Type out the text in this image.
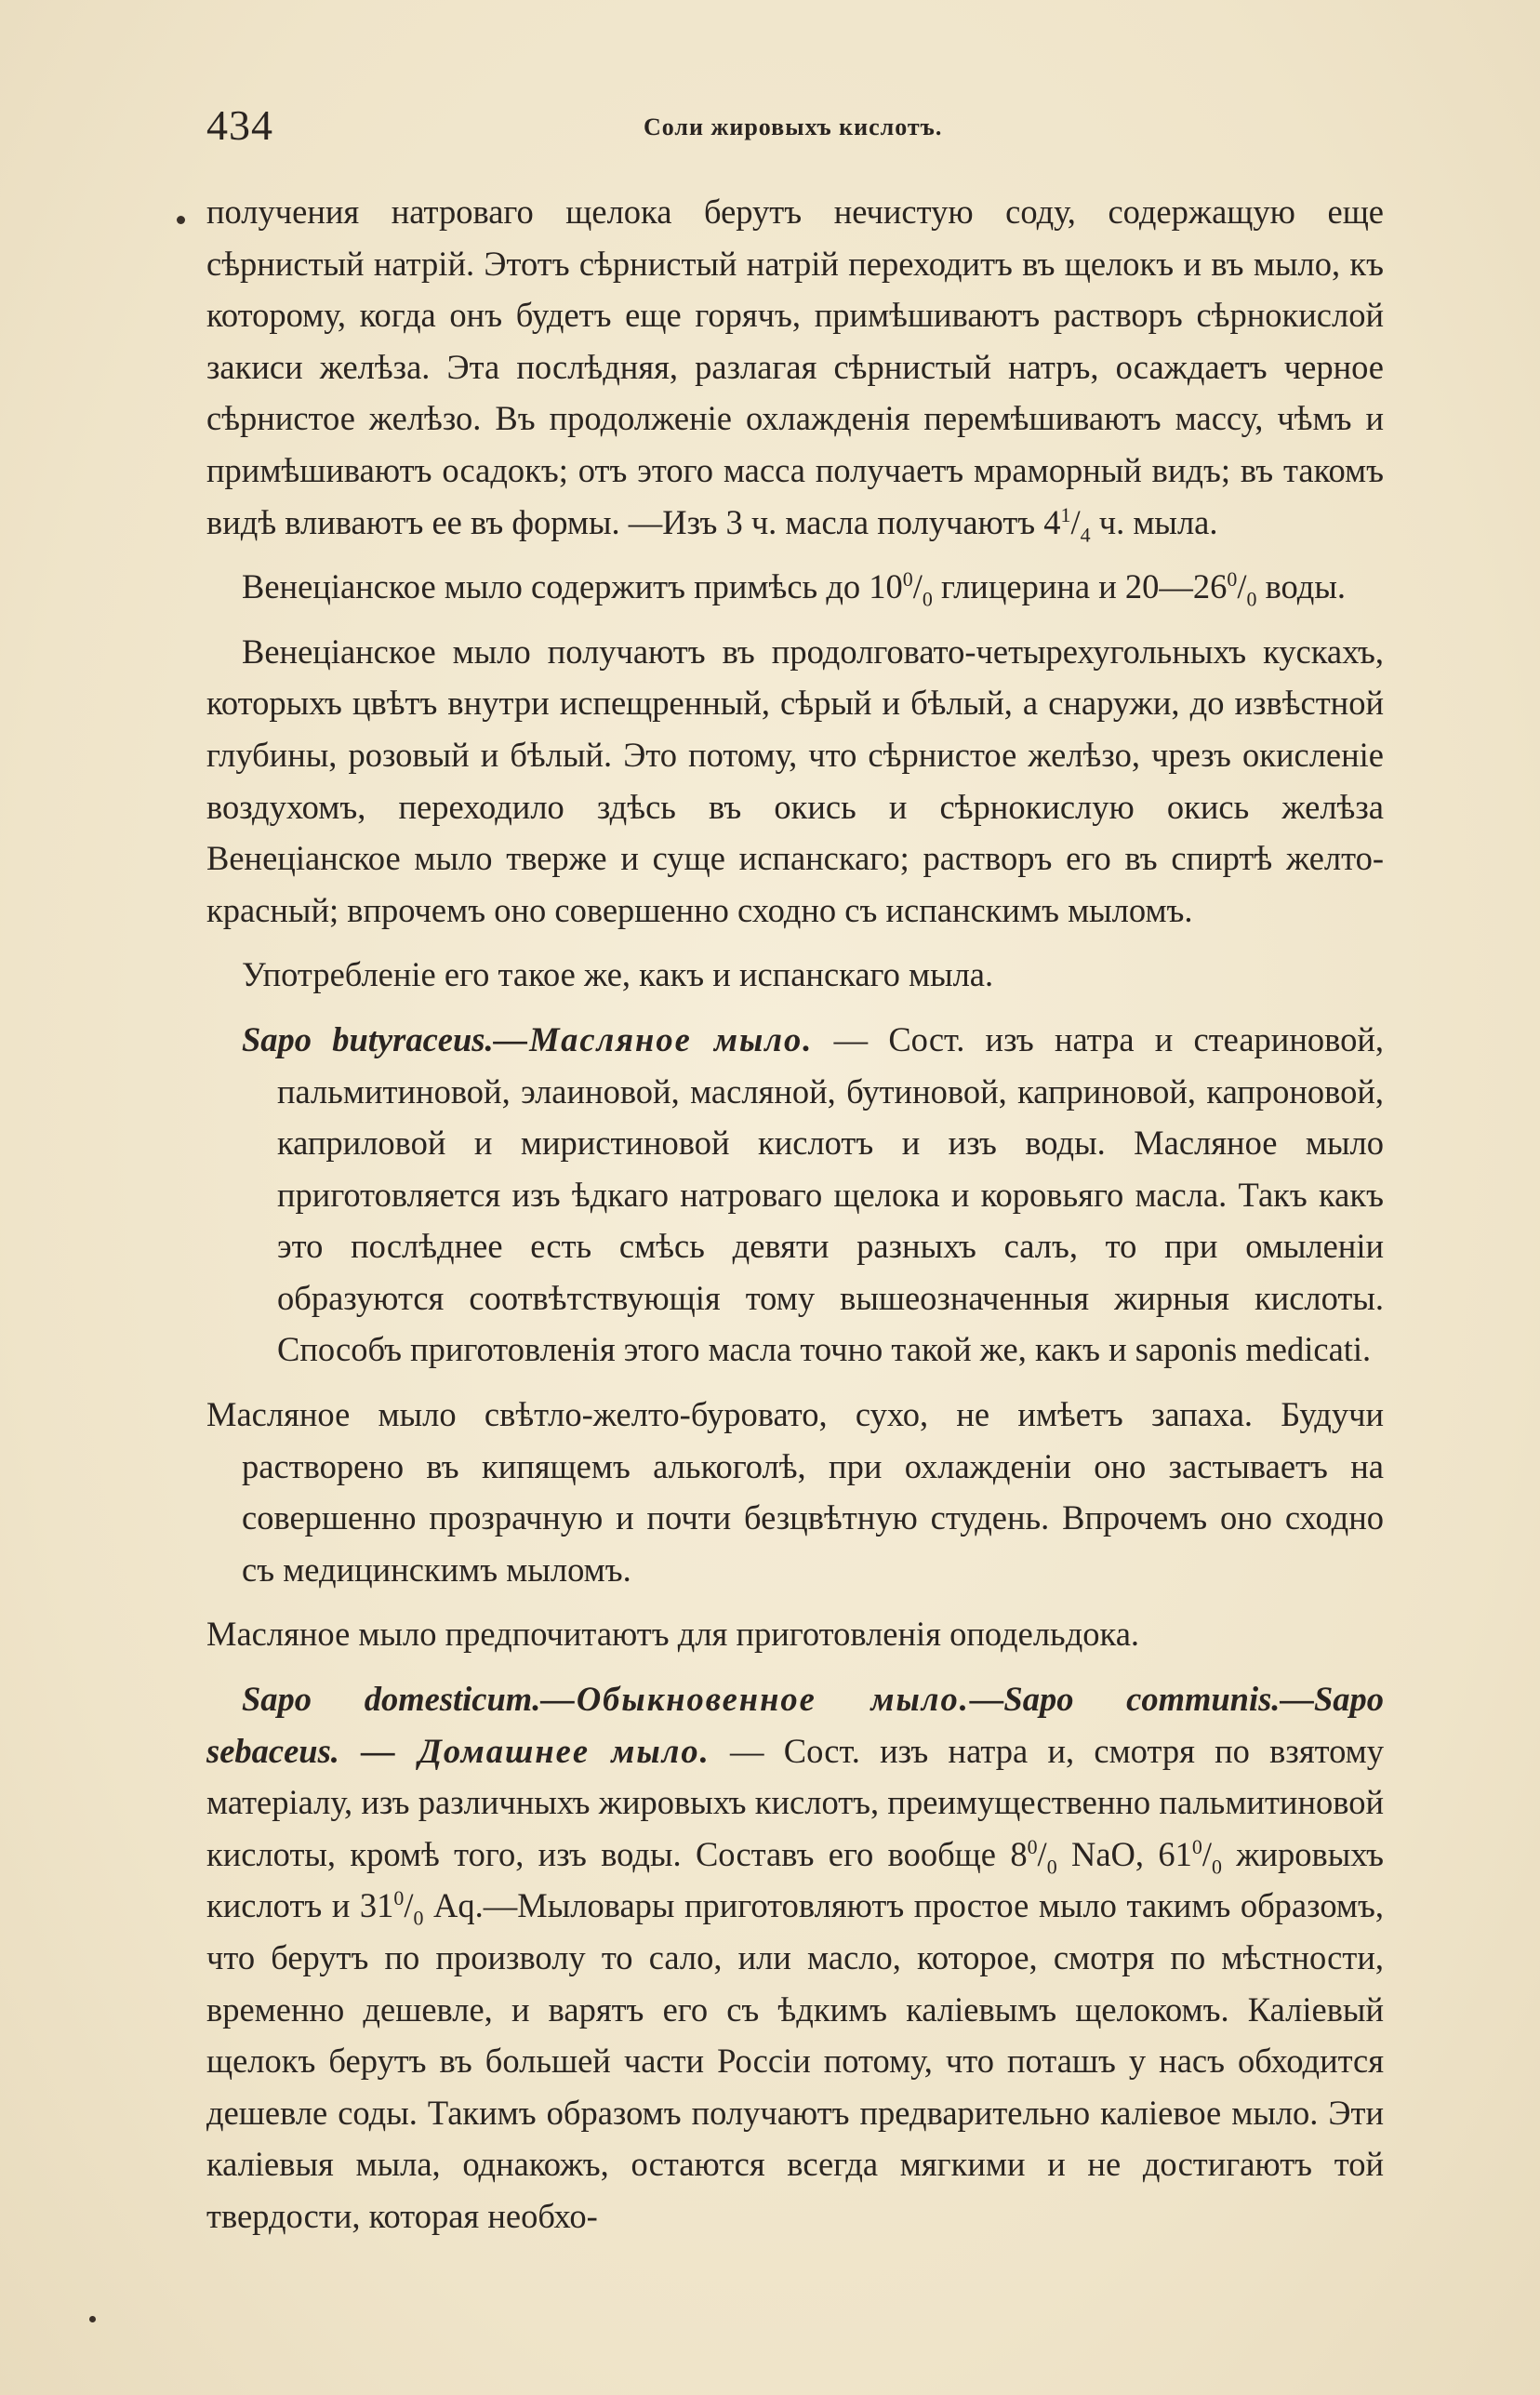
434	Соли жировыхъ кислотъ.

получения натроваго щелока берутъ нечистую соду, содержащую еще сѣрнистый натрій. Этотъ сѣрнистый натрій переходитъ въ щелокъ и въ мыло, къ которому, когда онъ будетъ еще горячъ, примѣшиваютъ растворъ сѣрнокислой закиси желѣза. Эта послѣдняя, разлагая сѣрнистый натръ, осаждаетъ черное сѣрнистое желѣзо. Въ продолженіе охлажденія перемѣшиваютъ массу, чѣмъ и примѣшиваютъ осадокъ; отъ этого масса получаетъ мраморный видъ; въ такомъ видѣ вливаютъ ее въ формы. —Изъ 3 ч. масла получаютъ $4^1/_4$ ч. мыла.

Венеціанское мыло содержитъ примѣсь до $10^0/_0$ глицерина и $20—26^0/_0$ воды.

Венеціанское мыло получаютъ въ продолговато-четырехугольныхъ кускахъ, которыхъ цвѣтъ внутри испещренный, сѣрый и бѣлый, а снаружи, до извѣстной глубины, розовый и бѣлый. Это потому, что сѣрнистое желѣзо, чрезъ окисленіе воздухомъ, переходило здѣсь въ окись и сѣрнокислую окись желѣза Венеціанское мыло тверже и суще испанскаго; растворъ его въ спиртѣ желто-красный; впрочемъ оно совершенно сходно съ испанскимъ мыломъ.

Употребленіе его такое же, какъ и испанскаго мыла.

Sapo butyraceus.—Масляное мыло. — Сост. изъ натра и стеариновой, пальмитиновой, элаиновой, масляной, бутиновой, каприновой, капроновой, каприловой и миристиновой кислотъ и изъ воды. Масляное мыло приготовляется изъ ѣдкаго натроваго щелока и коровьяго масла. Такъ какъ это послѣднее есть смѣсь девяти разныхъ салъ, то при омыленіи образуются соотвѣтствующія тому вышеозначенныя жирныя кислоты. Способъ приготовленія этого масла точно такой же, какъ и saponis medicati.

Масляное мыло свѣтло-желто-буровато, сухо, не имѣетъ запаха. Будучи растворено въ кипящемъ алькоголѣ, при охлажденіи оно застываетъ на совершенно прозрачную и почти безцвѣтную студень. Впрочемъ оно сходно съ медицинскимъ мыломъ.

Масляное мыло предпочитаютъ для приготовленія оподельдока.

Sapo domesticum.—Обыкновенное мыло.—Sapo communis.—Sapo sebaceus. — Домашнее мыло. — Сост. изъ натра и, смотря по взятому матеріалу, изъ различныхъ жировыхъ кислотъ, преимущественно пальмитиновой кислоты, кромѣ того, изъ воды. Составъ его вообще $8^0/_0$ NaO, $61^0/_0$ жировыхъ кислотъ и $31^0/_0$ Aq.—Мыловары приготовляютъ простое мыло такимъ образомъ, что берутъ по произволу то сало, или масло, которое, смотря по мѣстности, временно дешевле, и варятъ его съ ѣдкимъ каліевымъ щелокомъ. Каліевый щелокъ берутъ въ большей части Россіи потому, что поташъ у насъ обходится дешевле соды. Такимъ образомъ получаютъ предварительно каліевое мыло. Эти каліевыя мыла, однакожъ, остаются всегда мягкими и не достигаютъ той твердости, которая необхо-
